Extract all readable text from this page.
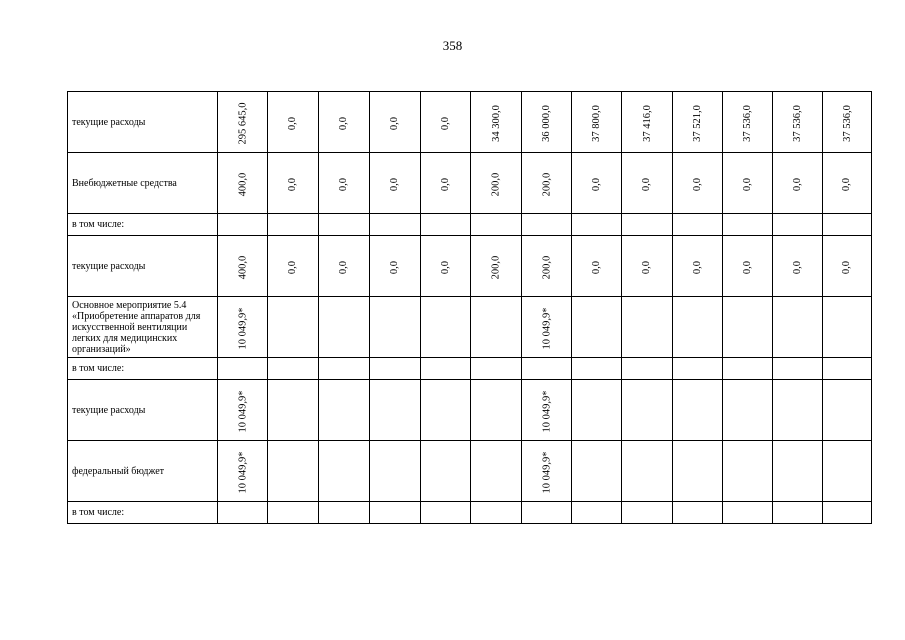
358
текущие расходы	295 645,0	0,0	0,0	0,0	0,0	34 300,0	36 000,0	37 800,0	37 416,0	37 521,0	37 536,0	37 536,0	37 536,0
Внебюджетные средства	400,0	0,0	0,0	0,0	0,0	200,0	200,0	0,0	0,0	0,0	0,0	0,0	0,0
в том числе:													
текущие расходы	400,0	0,0	0,0	0,0	0,0	200,0	200,0	0,0	0,0	0,0	0,0	0,0	0,0
Основное мероприятие 5.4 «Приобретение аппаратов для искусственной вентиляции легких для медицинских организаций»	10 049,9*						10 049,9*						
в том числе:													
текущие расходы	10 049,9*						10 049,9*						
федеральный бюджет	10 049,9*						10 049,9*						
в том числе:													
